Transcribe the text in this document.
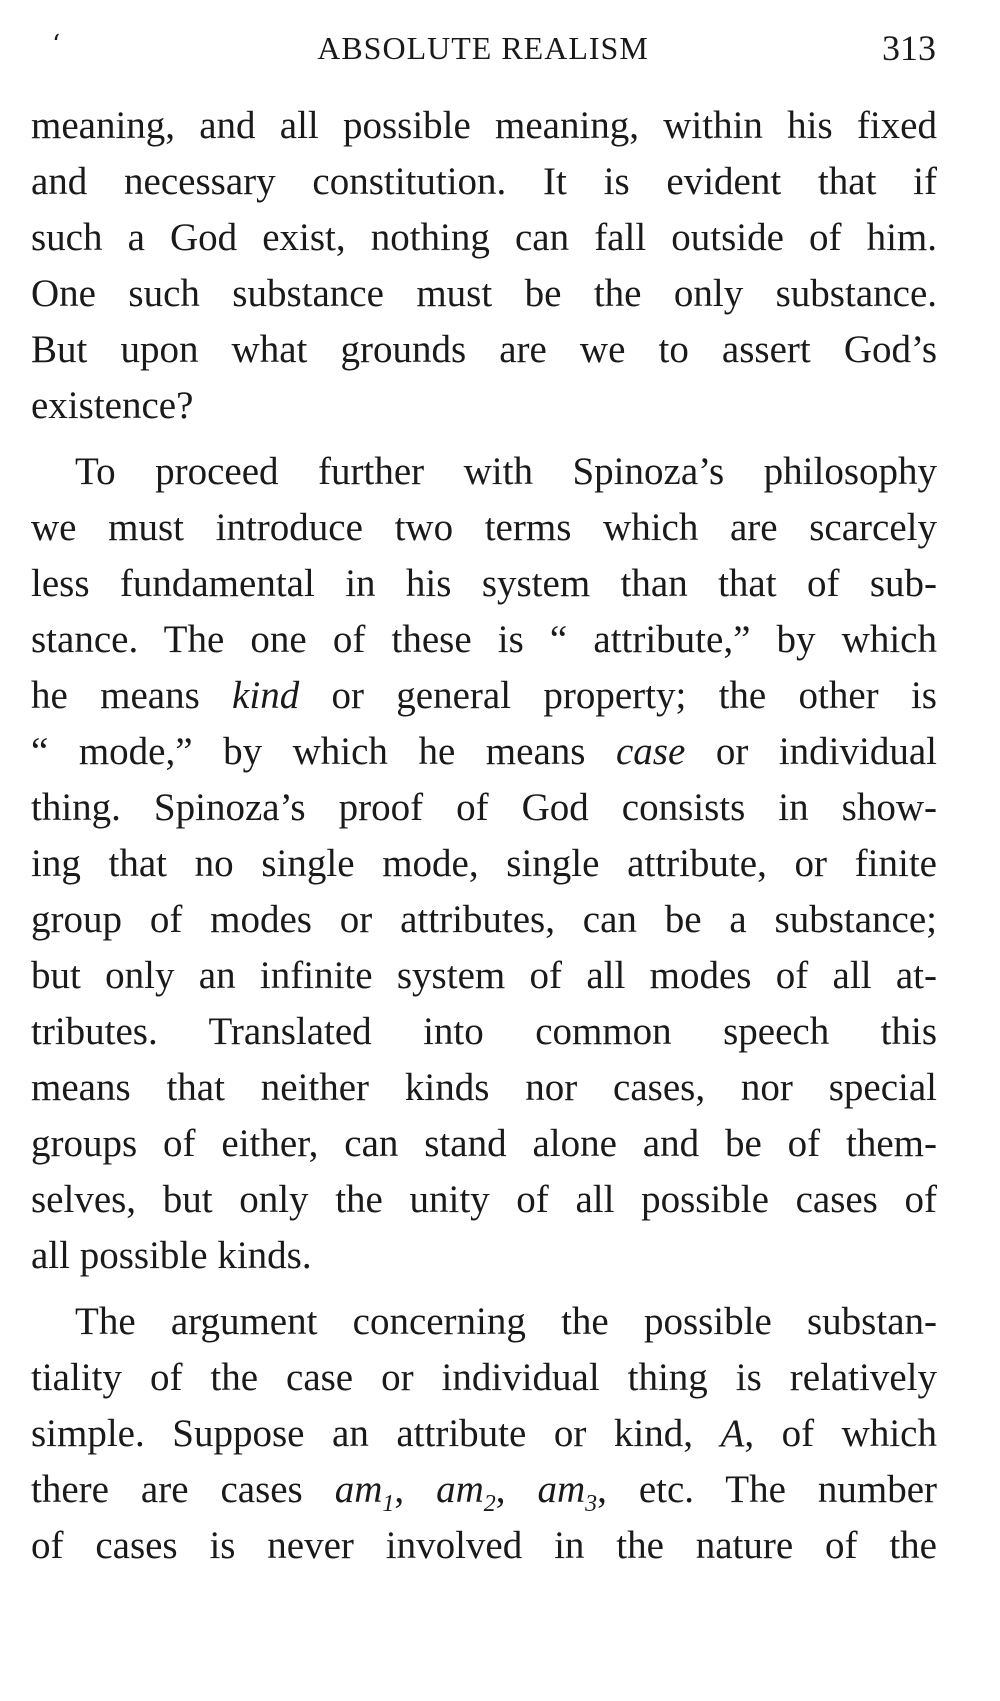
‘	ABSOLUTE REALISM	313
meaning, and all possible meaning, within his fixed
and necessary constitution. It is evident that if
such a God exist, nothing can fall outside of him.
One such substance must be the only substance.
But upon what grounds are we to assert God’s
existence?
To proceed further with Spinoza’s philosophy
we must introduce two terms which are scarcely
less fundamental in his system than that of sub-
stance. The one of these is “ attribute,” by which
he means kind or general property; the other is
“ mode,” by which he means case or individual
thing. Spinoza’s proof of God consists in show-
ing that no single mode, single attribute, or finite
group of modes or attributes, can be a substance;
but only an infinite system of all modes of all at-
tributes. Translated into common speech this
means that neither kinds nor cases, nor special
groups of either, can stand alone and be of them-
selves, but only the unity of all possible cases of
all possible kinds.
The argument concerning the possible substan-
tiality of the case or individual thing is relatively
simple. Suppose an attribute or kind, A, of which
there are cases $am_1$, $am_2$, $am_3$, etc. The number
of cases is never involved in the nature of the
